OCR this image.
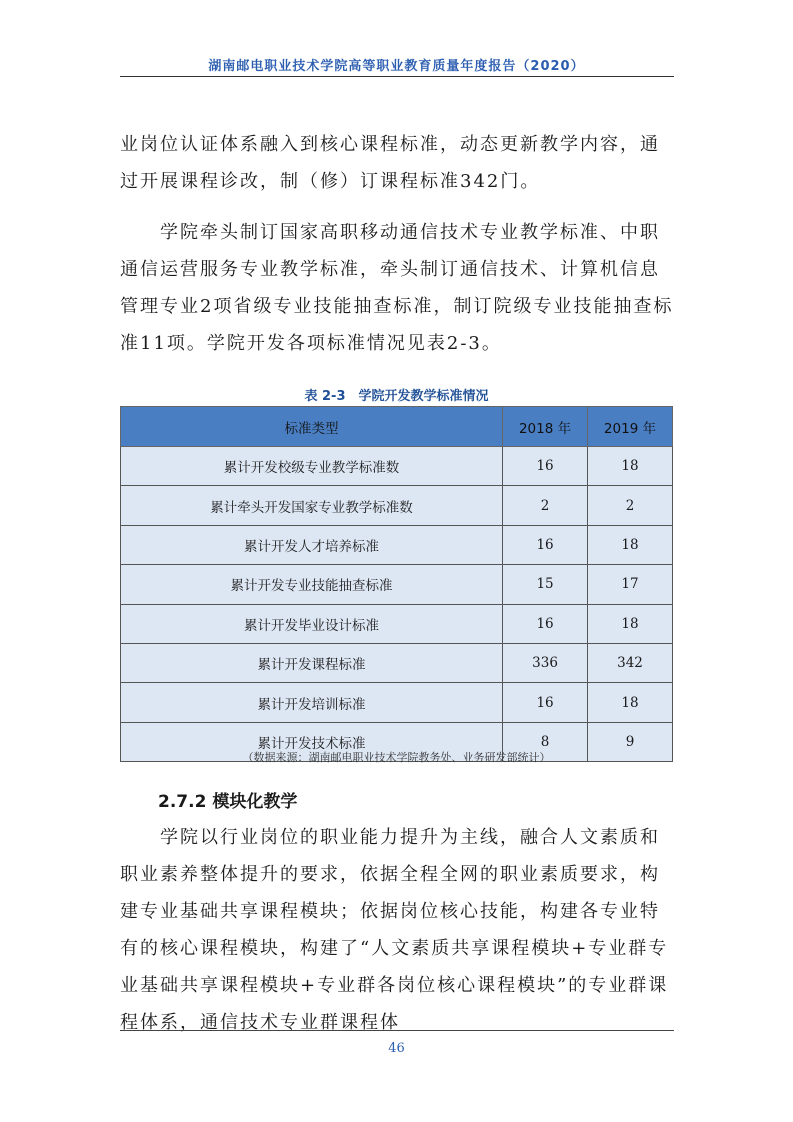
湖南邮电职业技术学院高等职业教育质量年度报告（2020）

业岗位认证体系融入到核心课程标准，动态更新教学内容，通过开展课程诊改，制（修）订课程标准342门。

学院牵头制订国家高职移动通信技术专业教学标准、中职通信运营服务专业教学标准，牵头制订通信技术、计算机信息管理专业2项省级专业技能抽查标准，制订院级专业技能抽查标准11项。学院开发各项标准情况见表2-3。

表 2-3　学院开发教学标准情况
标准类型	2018 年	2019 年
累计开发校级专业教学标准数	16	18
累计牵头开发国家专业教学标准数	2	2
累计开发人才培养标准	16	18
累计开发专业技能抽查标准	15	17
累计开发毕业设计标准	16	18
累计开发课程标准	336	342
累计开发培训标准	16	18
累计开发技术标准	8	9
（数据来源：湖南邮电职业技术学院教务处、业务研发部统计）
2.7.2 模块化教学

学院以行业岗位的职业能力提升为主线，融合人文素质和职业素养整体提升的要求，依据全程全网的职业素质要求，构建专业基础共享课程模块；依据岗位核心技能，构建各专业特有的核心课程模块，构建了“人文素质共享课程模块+专业群专业基础共享课程模块+专业群各岗位核心课程模块”的专业群课程体系，通信技术专业群课程体

46
